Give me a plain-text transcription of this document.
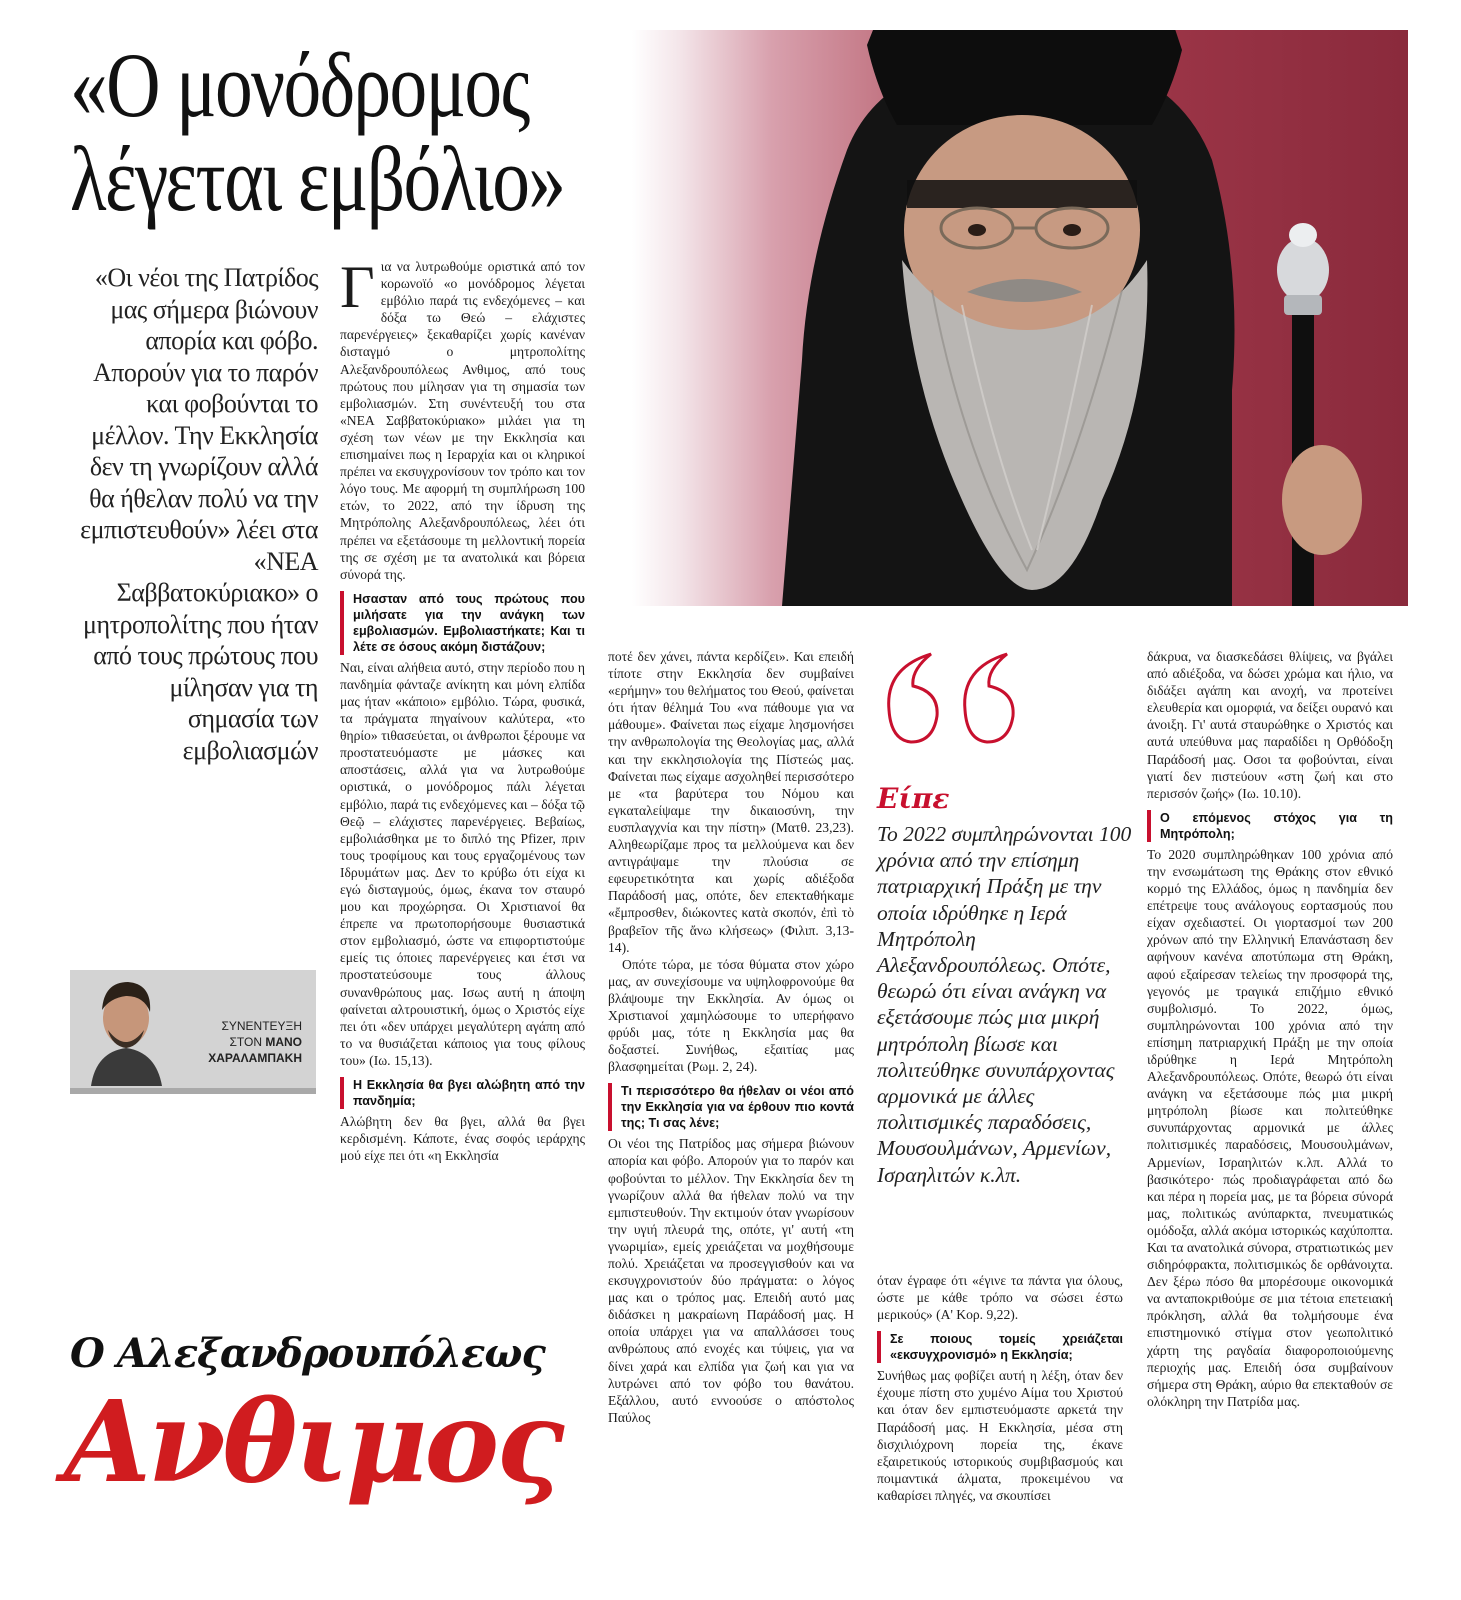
«Ο μονόδρομος
λέγεται εμβόλιο»
«Οι νέοι της Πατρίδος μας σήμερα βιώνουν απορία και φόβο. Απορούν για το παρόν και φοβούνται το μέλλον. Την Εκκλησία δεν τη γνωρίζουν αλλά θα ήθελαν πολύ να την εμπιστευθούν» λέει στα «ΝΕΑ Σαββατοκύριακο» ο μητροπολίτης που ήταν από τους πρώτους που μίλησαν για τη σημασία των εμβολιασμών
ΣΥΝΕΝΤΕΥΞΗ
ΣΤΟΝ ΜΑΝΟ
ΧΑΡΑΛΑΜΠΑΚΗ
Ο Αλεξανδρουπόλεως
Ανθιμος

Για να λυτρωθούμε οριστικά από τον κορωνοϊό «ο μονόδρομος λέγεται εμβόλιο παρά τις ενδεχόμενες – και δόξα τω Θεώ – ελάχιστες παρενέργειες» ξεκαθαρίζει χωρίς κανέναν δισταγμό ο μητροπολίτης Αλεξανδρουπόλεως Ανθιμος, από τους πρώτους που μίλησαν για τη σημασία των εμβολιασμών. Στη συνέντευξή του στα «ΝΕΑ Σαββατοκύριακο» μιλάει για τη σχέση των νέων με την Εκκλησία και επισημαίνει πως η Ιεραρχία και οι κληρικοί πρέπει να εκσυγχρονίσουν τον τρόπο και τον λόγο τους. Με αφορμή τη συμπλήρωση 100 ετών, το 2022, από την ίδρυση της Μητρόπολης Αλεξανδρουπόλεως, λέει ότι πρέπει να εξετάσουμε τη μελλοντική πορεία της σε σχέση με τα ανατολικά και βόρεια σύνορά της.

Ησασταν από τους πρώτους που μιλήσατε για την ανάγκη των εμβολιασμών. Εμβολιαστήκατε; Και τι λέτε σε όσους ακόμη διστάζουν;

Ναι, είναι αλήθεια αυτό, στην περίοδο που η πανδημία φάνταζε ανίκητη και μόνη ελπίδα μας ήταν «κάποιο» εμβόλιο. Τώρα, φυσικά, τα πράγματα πηγαίνουν καλύτερα, «το θηρίο» τιθασεύεται, οι άνθρωποι ξέρουμε να προστατευόμαστε με μάσκες και αποστάσεις, αλλά για να λυτρωθούμε οριστικά, ο μονόδρομος πάλι λέγεται εμβόλιο, παρά τις ενδεχόμενες και – δόξα τῷ Θεῷ – ελάχιστες παρενέργειες. Βεβαίως, εμβολιάσθηκα με το διπλό της Pfizer, πριν τους τροφίμους και τους εργαζομένους των Ιδρυμάτων μας. Δεν το κρύβω ότι είχα κι εγώ δισταγμούς, όμως, έκανα τον σταυρό μου και προχώρησα. Οι Χριστιανοί θα έπρεπε να πρωτοπορήσουμε θυσιαστικά στον εμβολιασμό, ώστε να επιφορτιστούμε εμείς τις όποιες παρενέργειες και έτσι να προστατεύσουμε τους άλλους συνανθρώπους μας. Ισως αυτή η άποψη φαίνεται αλτρουιστική, όμως ο Χριστός είχε πει ότι «δεν υπάρχει μεγαλύτερη αγάπη από το να θυσιάζεται κάποιος για τους φίλους του» (Ιω. 15,13).

Η Εκκλησία θα βγει αλώβητη από την πανδημία;

Αλώβητη δεν θα βγει, αλλά θα βγει κερδισμένη. Κάποτε, ένας σοφός ιεράρχης μού είχε πει ότι «η Εκκλησία

ποτέ δεν χάνει, πάντα κερδίζει». Και επειδή τίποτε στην Εκκλησία δεν συμβαίνει «ερήμην» του θελήματος του Θεού, φαίνεται ότι ήταν θέλημά Του «να πάθουμε για να μάθουμε». Φαίνεται πως είχαμε λησμονήσει την ανθρωπολογία της Θεολογίας μας, αλλά και την εκκλησιολογία της Πίστεώς μας. Φαίνεται πως είχαμε ασχοληθεί περισσότερο με «τα βαρύτερα του Νόμου και εγκαταλείψαμε την δικαιοσύνη, την ευσπλαγχνία και την πίστη» (Ματθ. 23,23). Αληθεωρίζαμε προς τα μελλούμενα και δεν αντιγράψαμε την πλούσια σε εφευρετικότητα και χωρίς αδιέξοδα Παράδοσή μας, οπότε, δεν επεκταθήκαμε «ἔμπροσθεν, διώκοντες κατὰ σκοπόν, ἐπὶ τὸ βραβεῖον τῆς ἄνω κλήσεως» (Φιλιπ. 3,13-14).

Οπότε τώρα, με τόσα θύματα στον χώρο μας, αν συνεχίσουμε να υψηλοφρονούμε θα βλάψουμε την Εκκλησία. Αν όμως οι Χριστιανοί χαμηλώσουμε το υπερήφανο φρύδι μας, τότε η Εκκλησία μας θα δοξαστεί. Συνήθως, εξαιτίας μας βλασφημείται (Ρωμ. 2, 24).

Τι περισσότερο θα ήθελαν οι νέοι από την Εκκλησία για να έρθουν πιο κοντά της; Τι σας λένε;

Οι νέοι της Πατρίδος μας σήμερα βιώνουν απορία και φόβο. Απορούν για το παρόν και φοβούνται το μέλλον. Την Εκκλησία δεν τη γνωρίζουν αλλά θα ήθελαν πολύ να την εμπιστευθούν. Την εκτιμούν όταν γνωρίσουν την υγιή πλευρά της, οπότε, γι' αυτή «τη γνωριμία», εμείς χρειάζεται να μοχθήσουμε πολύ. Χρειάζεται να προσεγγισθούν και να εκσυγχρονιστούν δύο πράγματα: ο λόγος μας και ο τρόπος μας. Επειδή αυτό μας διδάσκει η μακραίωνη Παράδοσή μας. Η οποία υπάρχει για να απαλλάσσει τους ανθρώπους από ενοχές και τύψεις, για να δίνει χαρά και ελπίδα για ζωή και για να λυτρώνει από τον φόβο του θανάτου. Εξάλλου, αυτό εννοούσε ο απόστολος Παύλος

Είπε
Το 2022 συμπληρώνονται 100 χρόνια από την επίσημη πατριαρχική Πράξη με την οποία ιδρύθηκε η Ιερά Μητρόπολη Αλεξανδρουπόλεως. Οπότε, θεωρώ ότι είναι ανάγκη να εξετάσουμε πώς μια μικρή μητρόπολη βίωσε και πολιτεύθηκε συνυπάρχοντας αρμονικά με άλλες πολιτισμικές παραδόσεις, Μουσουλμάνων, Αρμενίων, Ισραηλιτών κ.λπ.

όταν έγραφε ότι «έγινε τα πάντα για όλους, ώστε με κάθε τρόπο να σώσει έστω μερικούς» (Α' Κορ. 9,22).

Σε ποιους τομείς χρειάζεται «εκσυγχρονισμό» η Εκκλησία;

Συνήθως μας φοβίζει αυτή η λέξη, όταν δεν έχουμε πίστη στο χυμένο Αίμα του Χριστού και όταν δεν εμπιστευόμαστε αρκετά την Παράδοσή μας. Η Εκκλησία, μέσα στη δισχιλιόχρονη πορεία της, έκανε εξαιρετικούς ιστορικούς συμβιβασμούς και ποιμαντικά άλματα, προκειμένου να καθαρίσει πληγές, να σκουπίσει

δάκρυα, να διασκεδάσει θλίψεις, να βγάλει από αδιέξοδα, να δώσει χρώμα και ήλιο, να διδάξει αγάπη και ανοχή, να προτείνει ελευθερία και ομορφιά, να δείξει ουρανό και άνοιξη. Γι' αυτά σταυρώθηκε ο Χριστός και αυτά υπεύθυνα μας παραδίδει η Ορθόδοξη Παράδοσή μας. Οσοι τα φοβούνται, είναι γιατί δεν πιστεύουν «στη ζωή και στο περισσόν ζωής» (Ιω. 10.10).

Ο επόμενος στόχος για τη Μητρόπολη;

Το 2020 συμπληρώθηκαν 100 χρόνια από την ενσωμάτωση της Θράκης στον εθνικό κορμό της Ελλάδος, όμως η πανδημία δεν επέτρεψε τους ανάλογους εορτασμούς που είχαν σχεδιαστεί. Οι γιορτασμοί των 200 χρόνων από την Ελληνική Επανάσταση δεν αφήνουν κανένα αποτύπωμα στη Θράκη, αφού εξαίρεσαν τελείως την προσφορά της, γεγονός με τραγικά επιζήμιο εθνικό συμβολισμό. Το 2022, όμως, συμπληρώνονται 100 χρόνια από την επίσημη πατριαρχική Πράξη με την οποία ιδρύθηκε η Ιερά Μητρόπολη Αλεξανδρουπόλεως. Οπότε, θεωρώ ότι είναι ανάγκη να εξετάσουμε πώς μια μικρή μητρόπολη βίωσε και πολιτεύθηκε συνυπάρχοντας αρμονικά με άλλες πολιτισμικές παραδόσεις, Μουσουλμάνων, Αρμενίων, Ισραηλιτών κ.λπ. Αλλά το βασικότερο· πώς προδιαγράφεται από δω και πέρα η πορεία μας, με τα βόρεια σύνορά μας, πολιτικώς ανύπαρκτα, πνευματικώς ομόδοξα, αλλά ακόμα ιστορικώς καχύποπτα. Και τα ανατολικά σύνορα, στρατιωτικώς μεν σιδηρόφρακτα, πολιτισμικώς δε ορθάνοιχτα. Δεν ξέρω πόσο θα μπορέσουμε οικονομικά να ανταποκριθούμε σε μια τέτοια επετειακή πρόκληση, αλλά θα τολμήσουμε ένα επιστημονικό στίγμα στον γεωπολιτικό χάρτη της ραγδαία διαφοροποιούμενης περιοχής μας. Επειδή όσα συμβαίνουν σήμερα στη Θράκη, αύριο θα επεκταθούν σε ολόκληρη την Πατρίδα μας.
